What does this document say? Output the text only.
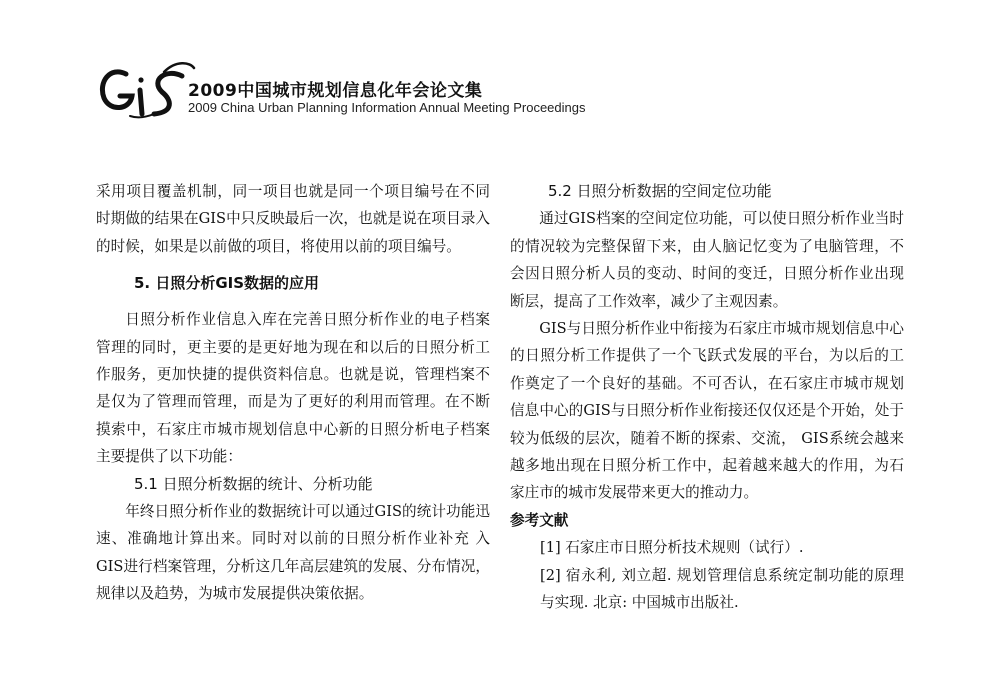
GIS
2009中国城市规划信息化年会论文集
2009 China Urban Planning Information Annual Meeting Proceedings

采用项目覆盖机制，同一项目也就是同一个项目编号在不同时期做的结果在GIS中只反映最后一次，也就是说在项目录入的时候，如果是以前做的项目，将使用以前的项目编号。

5. 日照分析GIS数据的应用

日照分析作业信息入库在完善日照分析作业的电子档案管理的同时，更主要的是更好地为现在和以后的日照分析工作服务，更加快捷的提供资料信息。也就是说，管理档案不是仅为了管理而管理，而是为了更好的利用而管理。在不断摸索中，石家庄市城市规划信息中心新的日照分析电子档案主要提供了以下功能：

5.1 日照分析数据的统计、分析功能

年终日照分析作业的数据统计可以通过GIS的统计功能迅速、准确地计算出来。同时对以前的日照分析作业补充 入GIS进行档案管理，分析这几年高层建筑的发展、分布情况，规律以及趋势，为城市发展提供决策依据。

5.2 日照分析数据的空间定位功能

通过GIS档案的空间定位功能，可以使日照分析作业当时的情况较为完整保留下来，由人脑记忆变为了电脑管理，不会因日照分析人员的变动、时间的变迁，日照分析作业出现断层，提高了工作效率，减少了主观因素。

GIS与日照分析作业中衔接为石家庄市城市规划信息中心的日照分析工作提供了一个飞跃式发展的平台，为以后的工作奠定了一个良好的基础。不可否认，在石家庄市城市规划信息中心的GIS与日照分析作业衔接还仅仅还是个开始，处于较为低级的层次，随着不断的探索、交流， GIS系统会越来越多地出现在日照分析工作中，起着越来越大的作用，为石家庄市的城市发展带来更大的推动力。

参考文献

[1] 石家庄市日照分析技术规则（试行）.

[2] 宿永利, 刘立超. 规划管理信息系统定制功能的原理与实现. 北京: 中国城市出版社.
